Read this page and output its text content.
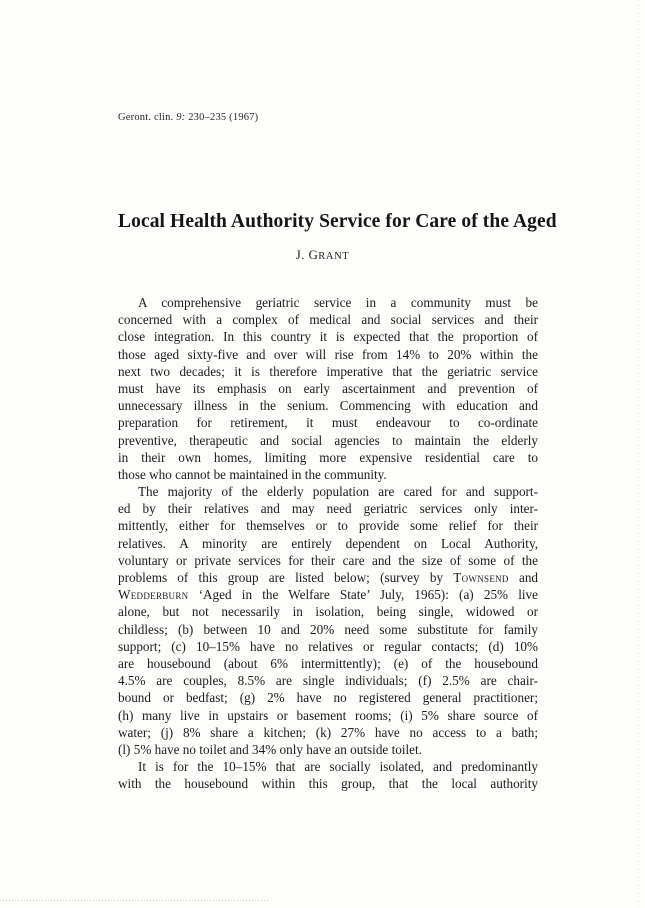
Geront. clin. 9: 230–235 (1967)
Local Health Authority Service for Care of the Aged
J. GRANT
A comprehensive geriatric service in a community must be
concerned with a complex of medical and social services and their
close integration. In this country it is expected that the proportion of
those aged sixty-five and over will rise from 14% to 20% within the
next two decades; it is therefore imperative that the geriatric service
must have its emphasis on early ascertainment and prevention of
unnecessary illness in the senium. Commencing with education and
preparation for retirement, it must endeavour to co-ordinate
preventive, therapeutic and social agencies to maintain the elderly
in their own homes, limiting more expensive residential care to
those who cannot be maintained in the community.
The majority of the elderly population are cared for and support-
ed by their relatives and may need geriatric services only inter-
mittently, either for themselves or to provide some relief for their
relatives. A minority are entirely dependent on Local Authority,
voluntary or private services for their care and the size of some of the
problems of this group are listed below; (survey by Townsend and
Wedderburn ‘Aged in the Welfare State’ July, 1965): (a) 25% live
alone, but not necessarily in isolation, being single, widowed or
childless; (b) between 10 and 20% need some substitute for family
support; (c) 10–15% have no relatives or regular contacts; (d) 10%
are housebound (about 6% intermittently); (e) of the housebound
4.5% are couples, 8.5% are single individuals; (f) 2.5% are chair-
bound or bedfast; (g) 2% have no registered general practitioner;
(h) many live in upstairs or basement rooms; (i) 5% share source of
water; (j) 8% share a kitchen; (k) 27% have no access to a bath;
(l) 5% have no toilet and 34% only have an outside toilet.
It is for the 10–15% that are socially isolated, and predominantly
with the housebound within this group, that the local authority
